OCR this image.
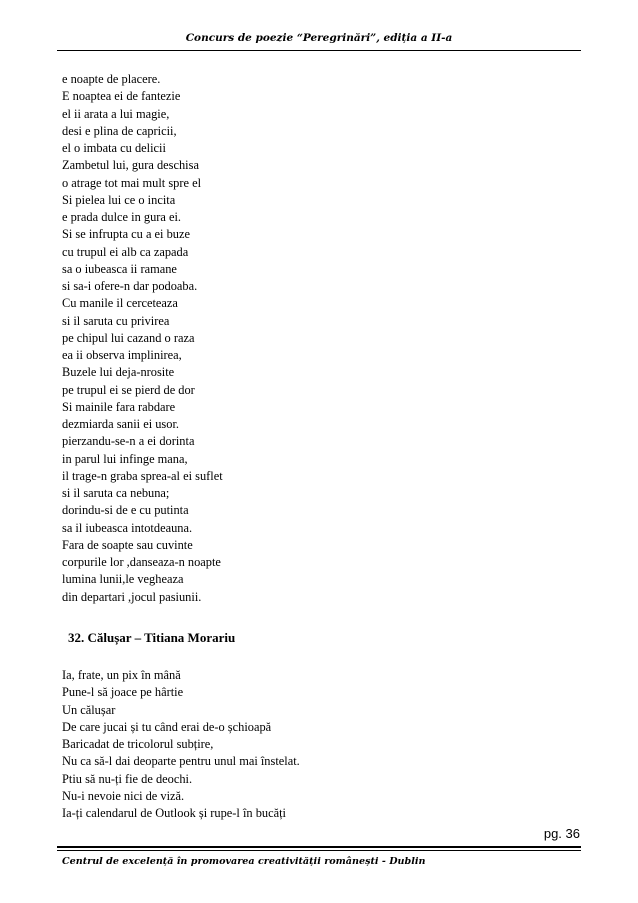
Concurs de poezie “Peregrinări”, ediția a II-a
e noapte de placere.
E noaptea ei de fantezie
el ii arata a lui magie,
desi e plina de capricii,
el o imbata cu delicii
Zambetul lui, gura deschisa
o atrage tot mai mult spre el
Si pielea lui ce o incita
e prada dulce in gura ei.
Si se infrupta cu a ei buze
cu trupul ei alb ca zapada
sa o iubeasca ii ramane
si sa-i ofere-n dar podoaba.
Cu manile il cerceteaza
si il saruta cu privirea
pe chipul lui cazand o raza
ea ii observa implinirea,
Buzele lui deja-nrosite
pe trupul ei se pierd de dor
Si mainile fara rabdare
dezmiarda sanii ei usor.
pierzandu-se-n a ei dorinta
in parul lui infinge mana,
il trage-n graba sprea-al ei suflet
si il saruta ca nebuna;
dorindu-si de e cu putinta
sa il iubeasca intotdeauna.
Fara de soapte sau cuvinte
corpurile lor ,danseaza-n noapte
lumina lunii,le vegheaza
din departari ,jocul pasiunii.
32. Călușar – Titiana Morariu
Ia, frate, un pix în mână
Pune-l să joace pe hârtie
Un călușar
De care jucai și tu când erai de-o șchioapă
Baricadat de tricolorul subțire,
Nu ca să-l dai deoparte pentru unul mai înstelat.
Ptiu să nu-ți fie de deochi.
Nu-i nevoie nici de viză.
Ia-ți calendarul de Outlook și rupe-l în bucăți
pg. 36
Centrul de excelență în promovarea creativității românești - Dublin
